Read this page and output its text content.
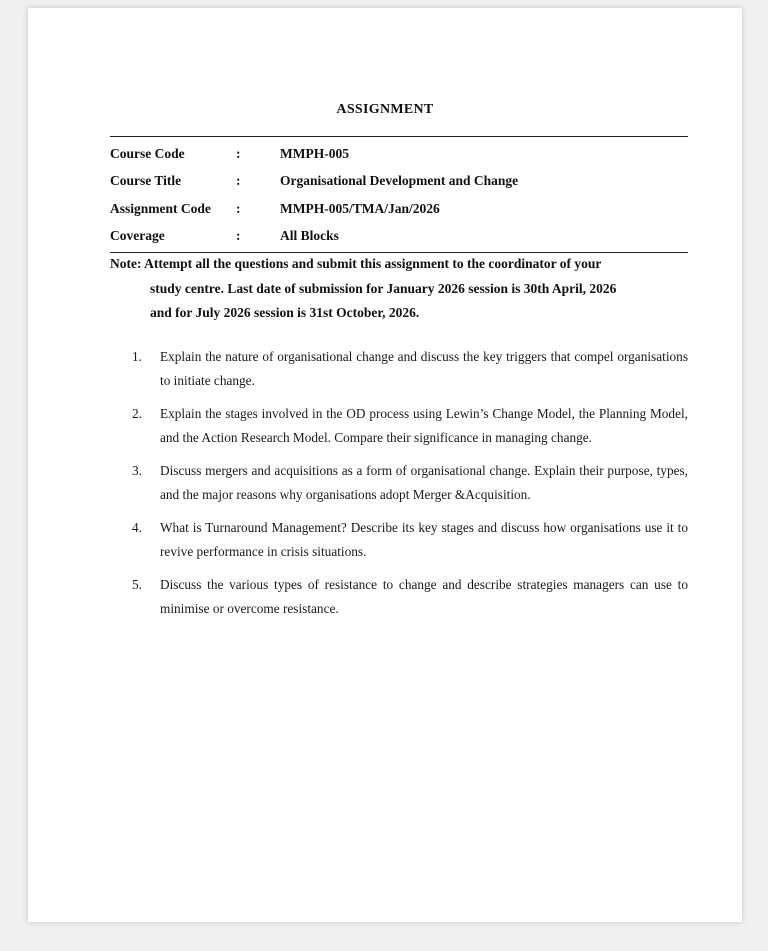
ASSIGNMENT
Course Code	:	MMPH-005
Course Title	:	Organisational Development and Change
Assignment Code	:	MMPH-005/TMA/Jan/2026
Coverage	:	All Blocks
Note: Attempt all the questions and submit this assignment to the coordinator of your
study centre. Last date of submission for January 2026 session is 30th April, 2026
and for July 2026 session is 31st October, 2026.
1.	Explain the nature of organisational change and discuss the key triggers that compel organisations to initiate change.
2.	Explain the stages involved in the OD process using Lewin’s Change Model, the Planning Model, and the Action Research Model. Compare their significance in managing change.
3.	Discuss mergers and acquisitions as a form of organisational change. Explain their purpose, types, and the major reasons why organisations adopt Merger &Acquisition.
4.	What is Turnaround Management? Describe its key stages and discuss how organisations use it to revive performance in crisis situations.
5.	Discuss the various types of resistance to change and describe strategies managers can use to minimise or overcome resistance.
